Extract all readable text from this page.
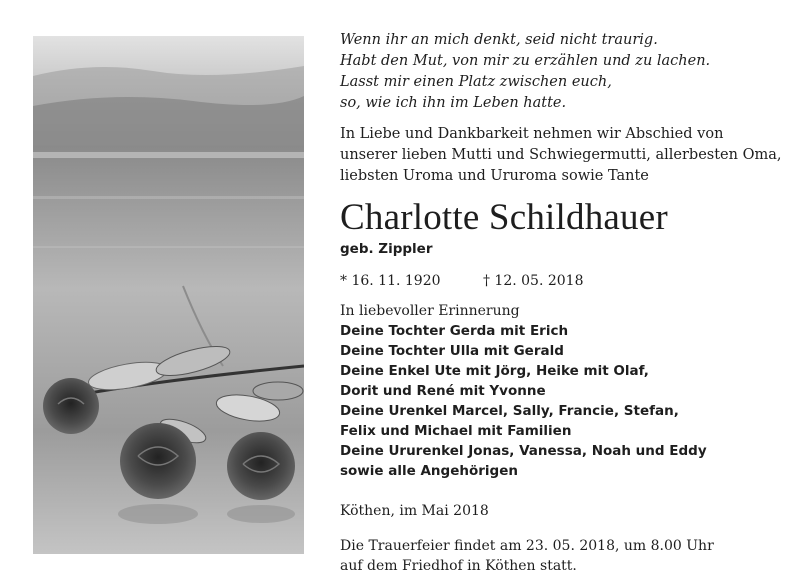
Wenn ihr an mich denkt, seid nicht traurig.
Habt den Mut, von mir zu erzählen und zu lachen.
Lasst mir einen Platz zwischen euch,
so, wie ich ihn im Leben hatte.
In Liebe und Dankbarkeit nehmen wir Abschied von
unserer lieben Mutti und Schwiegermutti, allerbesten Oma,
liebsten Uroma und Ururoma sowie Tante
Charlotte Schildhauer
geb. Zippler
* 16. 11. 1920	† 12. 05. 2018
In liebevoller Erinnerung
Deine Tochter Gerda mit Erich
Deine Tochter Ulla mit Gerald
Deine Enkel Ute mit Jörg, Heike mit Olaf,
Dorit und René mit Yvonne
Deine Urenkel Marcel, Sally, Francie, Stefan,
Felix und Michael mit Familien
Deine Ururenkel Jonas, Vanessa, Noah und Eddy
sowie alle Angehörigen
Köthen, im Mai 2018
Die Trauerfeier findet am 23. 05. 2018, um 8.00 Uhr
auf dem Friedhof in Köthen statt.
